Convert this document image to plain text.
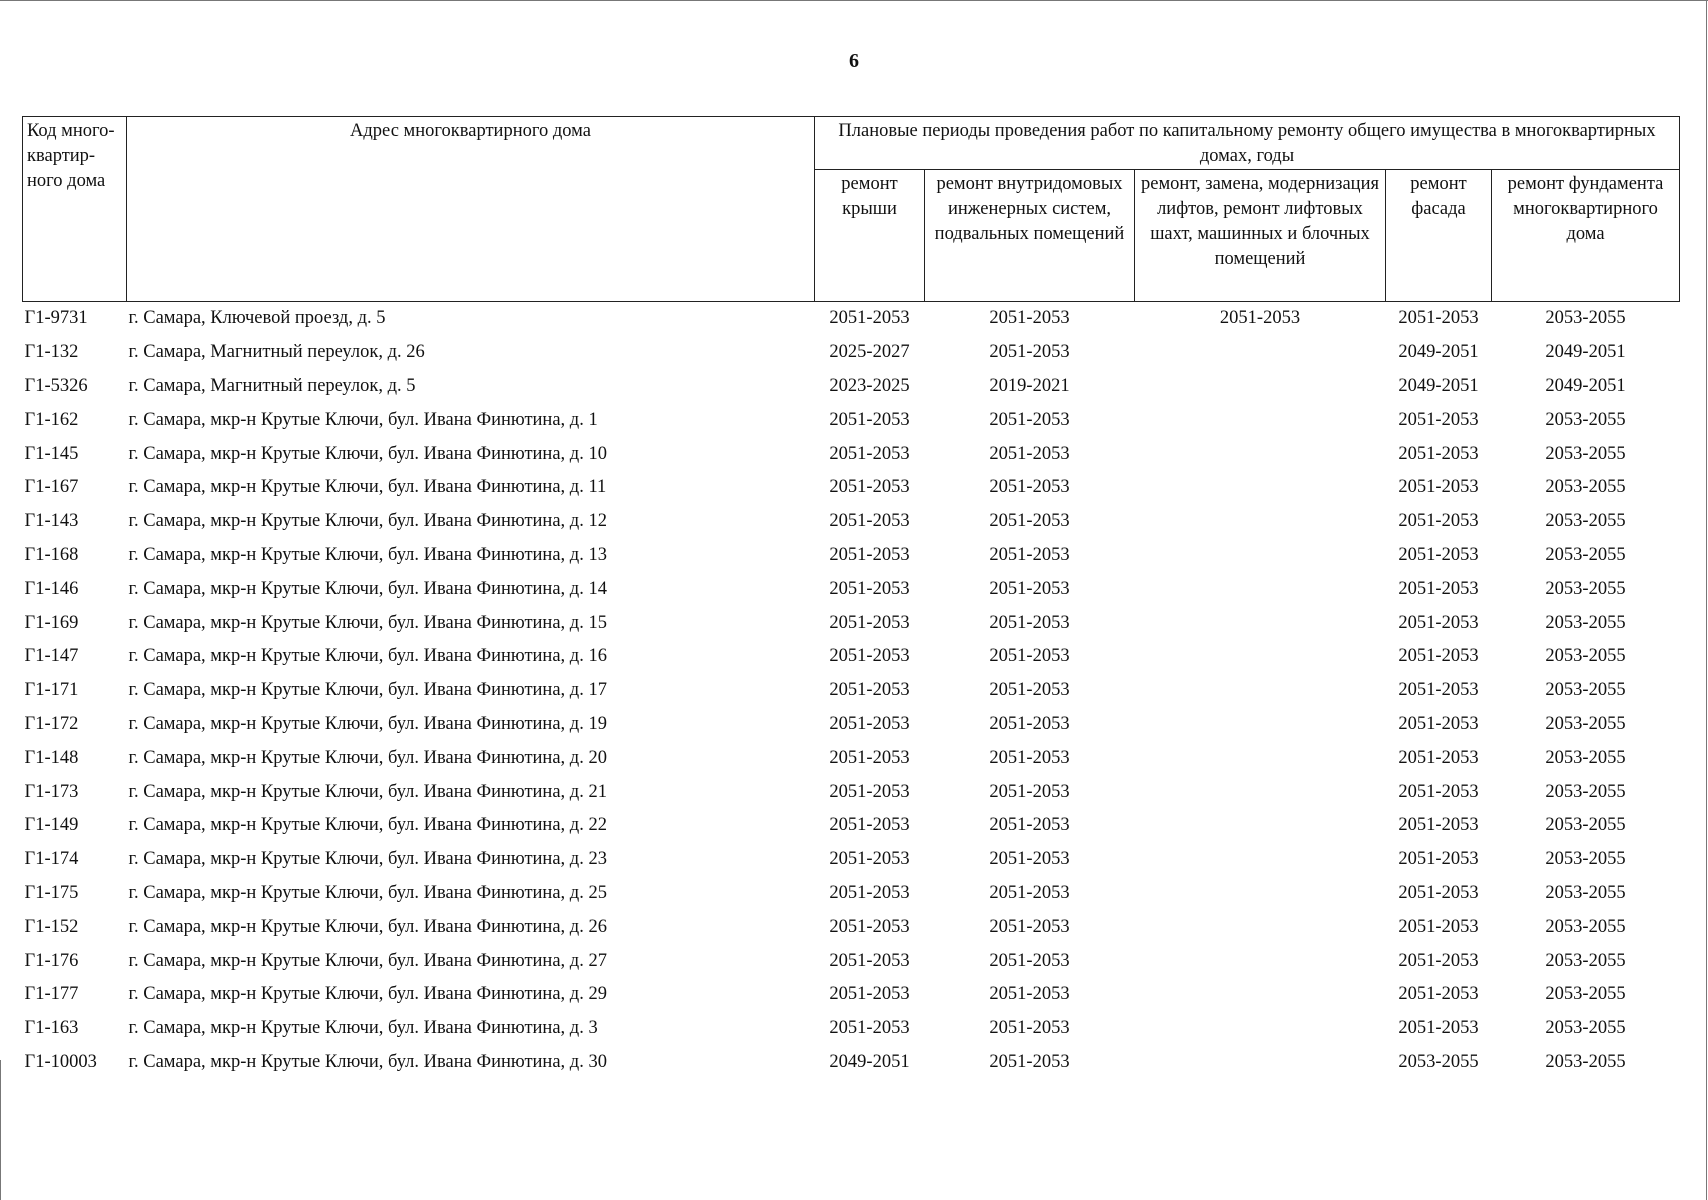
6
Код много-квартир-ного дома	Адрес многоквартирного дома	Плановые периоды проведения работ по капитальному ремонту общего имущества в многоквартирных домах, годы				
		ремонт крыши	ремонт внутридомовых инженерных систем, подвальных помещений	ремонт, замена, модернизация лифтов, ремонт лифтовых шахт, машинных и блочных помещений	ремонт фасада	ремонт фундамента многоквартирного дома
Г1-9731	г. Самара, Ключевой проезд, д. 5	2051-2053	2051-2053	2051-2053	2051-2053	2053-2055
Г1-132	г. Самара, Магнитный переулок, д. 26	2025-2027	2051-2053		2049-2051	2049-2051
Г1-5326	г. Самара, Магнитный переулок, д. 5	2023-2025	2019-2021		2049-2051	2049-2051
Г1-162	г. Самара, мкр-н Крутые Ключи, бул. Ивана Финютина, д. 1	2051-2053	2051-2053		2051-2053	2053-2055
Г1-145	г. Самара, мкр-н Крутые Ключи, бул. Ивана Финютина, д. 10	2051-2053	2051-2053		2051-2053	2053-2055
Г1-167	г. Самара, мкр-н Крутые Ключи, бул. Ивана Финютина, д. 11	2051-2053	2051-2053		2051-2053	2053-2055
Г1-143	г. Самара, мкр-н Крутые Ключи, бул. Ивана Финютина, д. 12	2051-2053	2051-2053		2051-2053	2053-2055
Г1-168	г. Самара, мкр-н Крутые Ключи, бул. Ивана Финютина, д. 13	2051-2053	2051-2053		2051-2053	2053-2055
Г1-146	г. Самара, мкр-н Крутые Ключи, бул. Ивана Финютина, д. 14	2051-2053	2051-2053		2051-2053	2053-2055
Г1-169	г. Самара, мкр-н Крутые Ключи, бул. Ивана Финютина, д. 15	2051-2053	2051-2053		2051-2053	2053-2055
Г1-147	г. Самара, мкр-н Крутые Ключи, бул. Ивана Финютина, д. 16	2051-2053	2051-2053		2051-2053	2053-2055
Г1-171	г. Самара, мкр-н Крутые Ключи, бул. Ивана Финютина, д. 17	2051-2053	2051-2053		2051-2053	2053-2055
Г1-172	г. Самара, мкр-н Крутые Ключи, бул. Ивана Финютина, д. 19	2051-2053	2051-2053		2051-2053	2053-2055
Г1-148	г. Самара, мкр-н Крутые Ключи, бул. Ивана Финютина, д. 20	2051-2053	2051-2053		2051-2053	2053-2055
Г1-173	г. Самара, мкр-н Крутые Ключи, бул. Ивана Финютина, д. 21	2051-2053	2051-2053		2051-2053	2053-2055
Г1-149	г. Самара, мкр-н Крутые Ключи, бул. Ивана Финютина, д. 22	2051-2053	2051-2053		2051-2053	2053-2055
Г1-174	г. Самара, мкр-н Крутые Ключи, бул. Ивана Финютина, д. 23	2051-2053	2051-2053		2051-2053	2053-2055
Г1-175	г. Самара, мкр-н Крутые Ключи, бул. Ивана Финютина, д. 25	2051-2053	2051-2053		2051-2053	2053-2055
Г1-152	г. Самара, мкр-н Крутые Ключи, бул. Ивана Финютина, д. 26	2051-2053	2051-2053		2051-2053	2053-2055
Г1-176	г. Самара, мкр-н Крутые Ключи, бул. Ивана Финютина, д. 27	2051-2053	2051-2053		2051-2053	2053-2055
Г1-177	г. Самара, мкр-н Крутые Ключи, бул. Ивана Финютина, д. 29	2051-2053	2051-2053		2051-2053	2053-2055
Г1-163	г. Самара, мкр-н Крутые Ключи, бул. Ивана Финютина, д. 3	2051-2053	2051-2053		2051-2053	2053-2055
Г1-10003	г. Самара, мкр-н Крутые Ключи, бул. Ивана Финютина, д. 30	2049-2051	2051-2053		2053-2055	2053-2055
